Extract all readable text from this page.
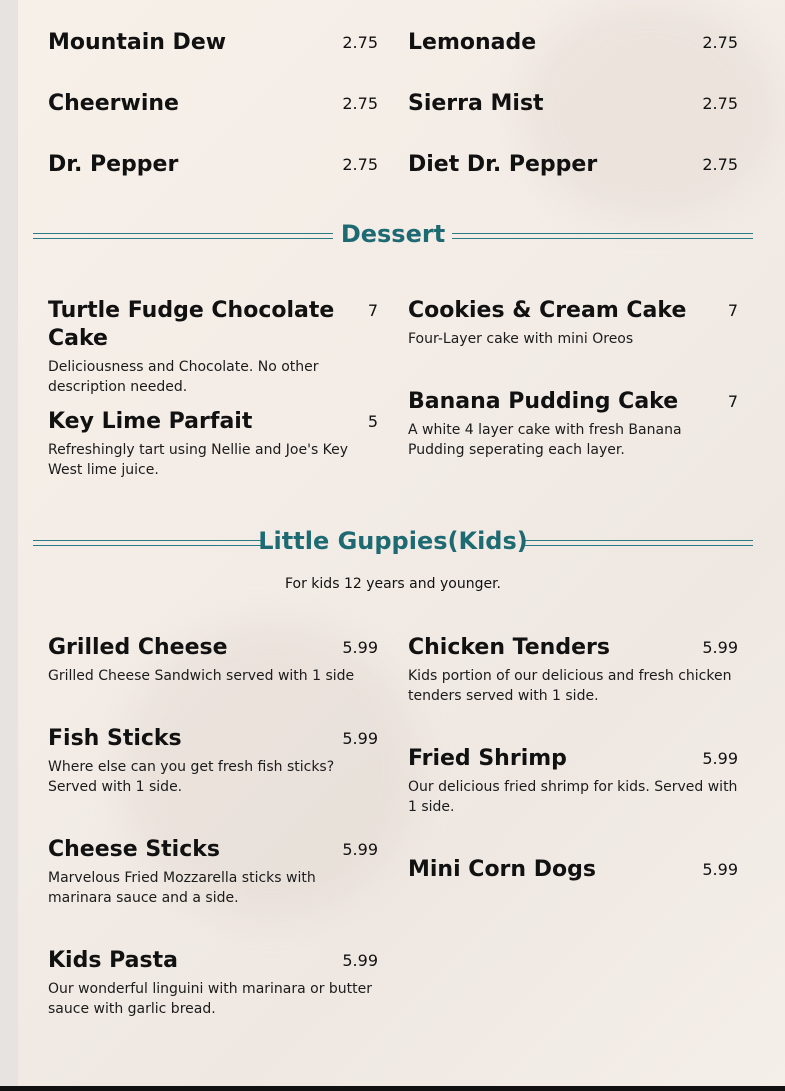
Mountain Dew	2.75 Lemonade	2.75
Cheerwine	2.75 Sierra Mist	2.75
Dr. Pepper	2.75 Diet Dr. Pepper	2.75
Dessert
Turtle Fudge Chocolate Cake
7
Deliciousness and Chocolate. No other description needed.
Cookies & Cream Cake	7
Four-Layer cake with mini Oreos
Key Lime Parfait	5
Refreshingly tart using Nellie and Joe's Key West lime juice.
Banana Pudding Cake	7
A white 4 layer cake with fresh Banana Pudding seperating each layer.
Little Guppies(Kids)
For kids 12 years and younger.
Grilled Cheese	5.99
Grilled Cheese Sandwich served with 1 side
Chicken Tenders	5.99
Kids portion of our delicious and fresh chicken tenders served with 1 side.
Fish Sticks	5.99
Where else can you get fresh fish sticks? Served with 1 side.
Fried Shrimp	5.99
Our delicious fried shrimp for kids. Served with 1 side.
Cheese Sticks	5.99
Marvelous Fried Mozzarella sticks with marinara sauce and a side.
Mini Corn Dogs	5.99
Kids Pasta	5.99
Our wonderful linguini with marinara or butter sauce with garlic bread.
